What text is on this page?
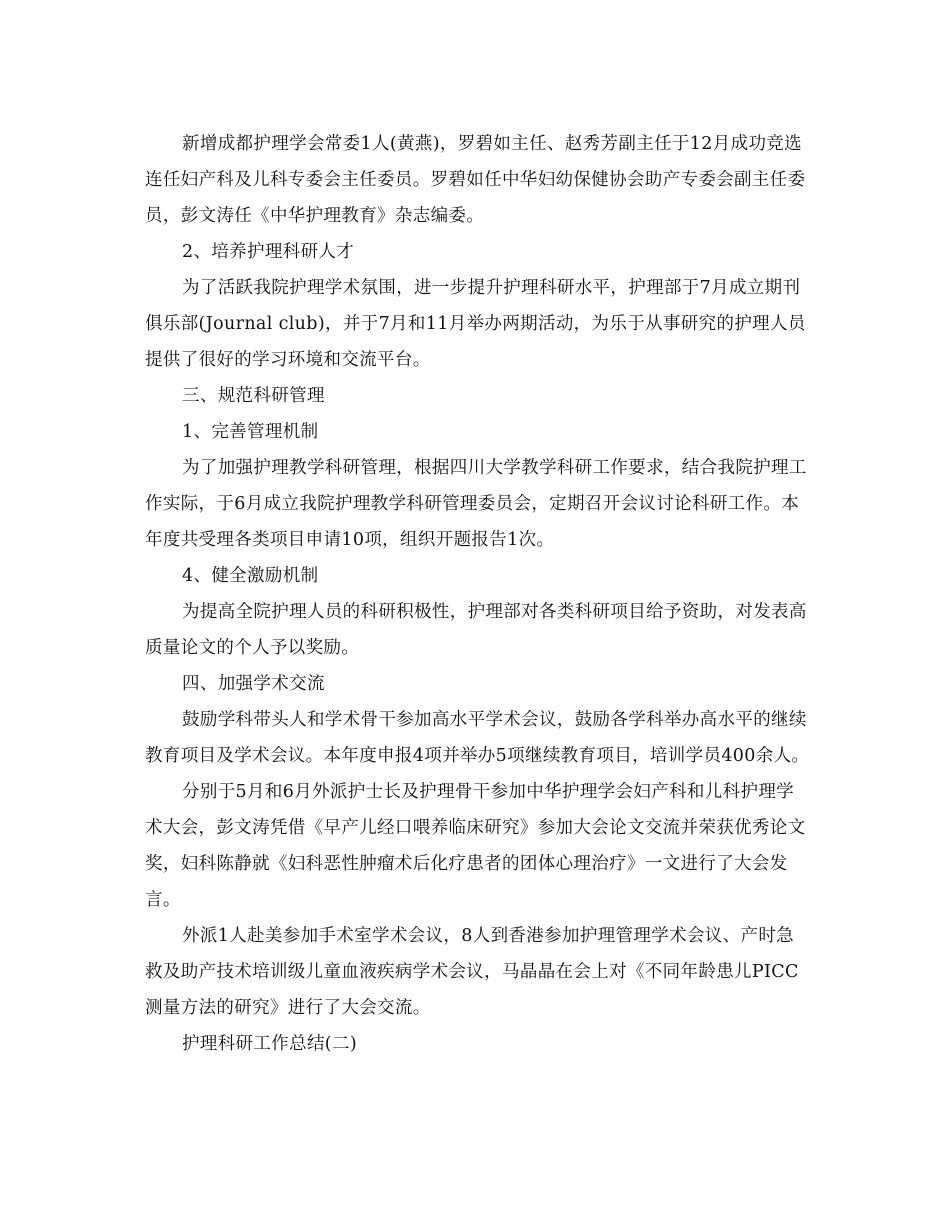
新增成都护理学会常委1人(黄燕)，罗碧如主任、赵秀芳副主任于12月成功竞选连任妇产科及儿科专委会主任委员。罗碧如任中华妇幼保健协会助产专委会副主任委员，彭文涛任《中华护理教育》杂志编委。

2、培养护理科研人才

为了活跃我院护理学术氛围，进一步提升护理科研水平，护理部于7月成立期刊俱乐部(Journal club)，并于7月和11月举办两期活动，为乐于从事研究的护理人员提供了很好的学习环境和交流平台。

三、规范科研管理

1、完善管理机制

为了加强护理教学科研管理，根据四川大学教学科研工作要求，结合我院护理工作实际，于6月成立我院护理教学科研管理委员会，定期召开会议讨论科研工作。本年度共受理各类项目申请10项，组织开题报告1次。

4、健全激励机制

为提高全院护理人员的科研积极性，护理部对各类科研项目给予资助，对发表高质量论文的个人予以奖励。

四、加强学术交流

鼓励学科带头人和学术骨干参加高水平学术会议，鼓励各学科举办高水平的继续教育项目及学术会议。本年度申报4项并举办5项继续教育项目，培训学员400余人。

分别于5月和6月外派护士长及护理骨干参加中华护理学会妇产科和儿科护理学术大会，彭文涛凭借《早产儿经口喂养临床研究》参加大会论文交流并荣获优秀论文奖，妇科陈静就《妇科恶性肿瘤术后化疗患者的团体心理治疗》一文进行了大会发言。

外派1人赴美参加手术室学术会议，8人到香港参加护理管理学术会议、产时急救及助产技术培训级儿童血液疾病学术会议，马晶晶在会上对《不同年龄患儿PICC测量方法的研究》进行了大会交流。

护理科研工作总结(二)
